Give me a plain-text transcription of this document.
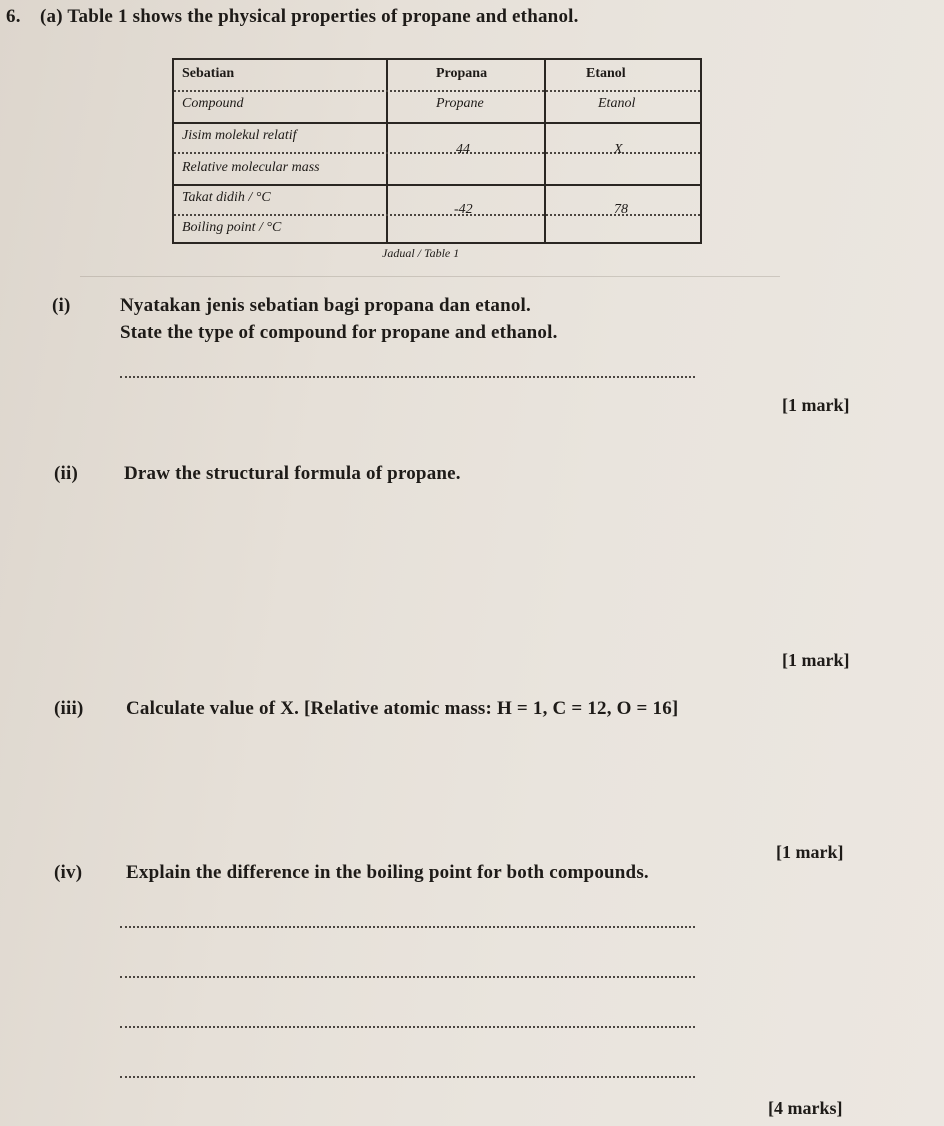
6. (a) Table 1 shows the physical properties of propane and ethanol.
Sebatian	Propana	Etanol
Compound	Propane	Etanol
Jisim molekul relatif
Relative molecular mass
44	X
Takat didih / °C
Boiling point / °C
-42	78
Jadual / Table 1
(i)	Nyatakan jenis sebatian bagi propana dan etanol.
State the type of compound for propane and ethanol.
[1 mark]
(ii) Draw the structural formula of propane.
[1 mark]
(iii) Calculate value of X. [Relative atomic mass: H = 1, C = 12, O = 16]
[1 mark]
(iv) Explain the difference in the boiling point for both compounds.
[4 marks]
